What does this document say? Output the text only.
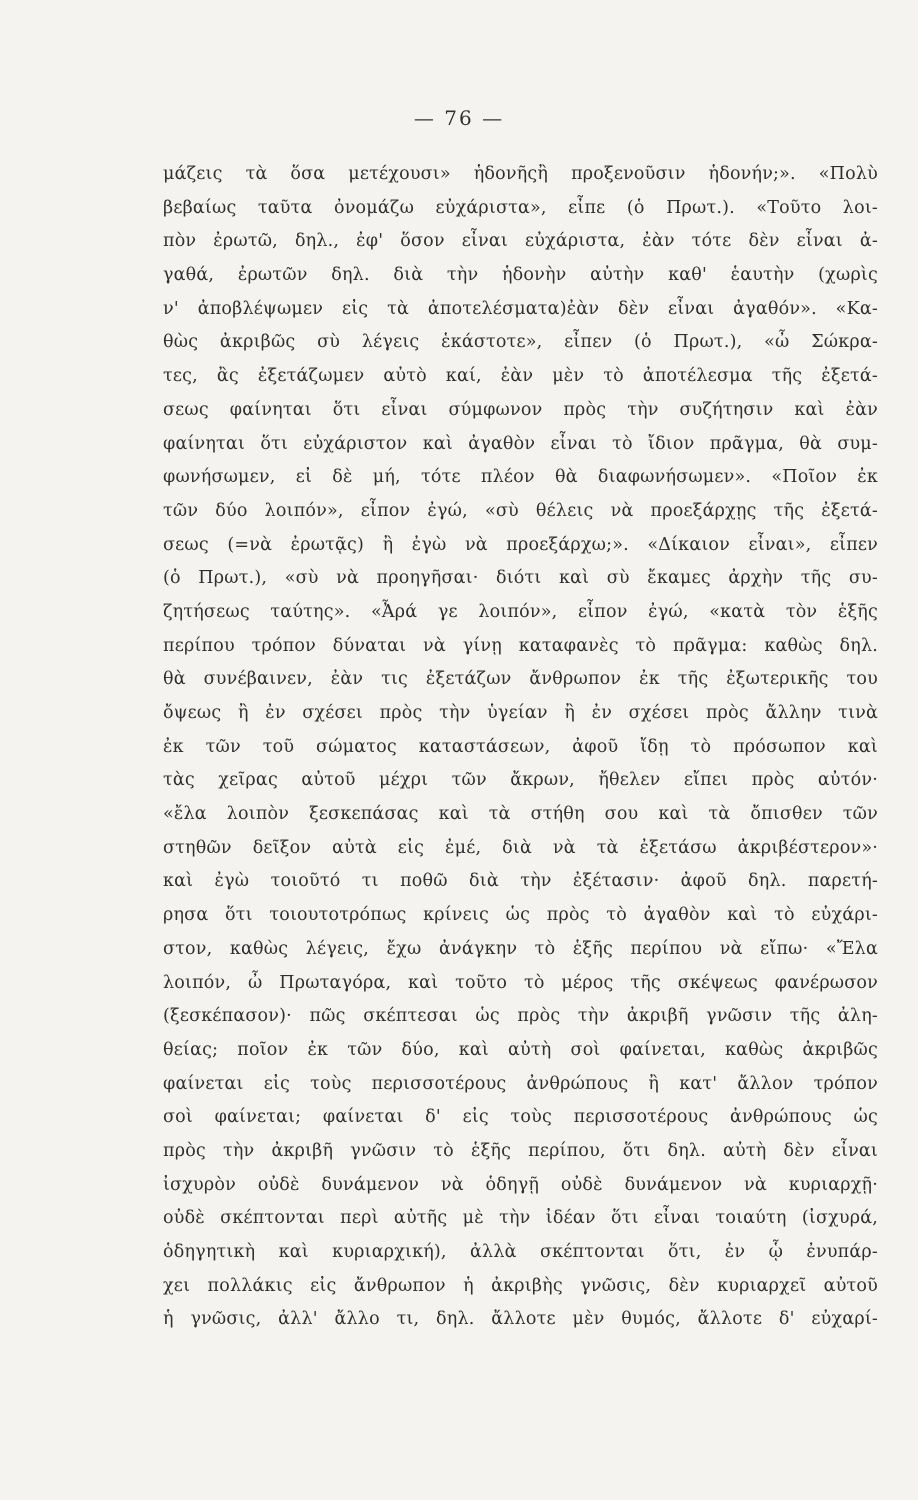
— 76 —
μάζεις τὰ ὅσα μετέχουσι» ἡδονῆςἢ προξενοῦσιν ἡδονήν;». «Πολὺ
βεβαίως ταῦτα ὀνομάζω εὐχάριστα», εἶπε (ὁ Πρωτ.). «Τοῦτο λοι-
πὸν ἐρωτῶ, δηλ., ἐφ' ὅσον εἶναι εὐχάριστα, ἐὰν τότε δὲν εἶναι ἀ-
γαθά, ἐρωτῶν δηλ. διὰ τὴν ἡδονὴν αὐτὴν καθ' ἑαυτὴν (χωρὶς
ν' ἀποβλέψωμεν εἰς τὰ ἀποτελέσματα)ἐὰν δὲν εἶναι ἀγαθόν». «Κα-
θὼς ἀκριβῶς σὺ λέγεις ἑκάστοτε», εἶπεν (ὁ Πρωτ.), «ὦ Σώκρα-
τες, ἂς ἐξετάζωμεν αὐτὸ καί, ἐὰν μὲν τὸ ἀποτέλεσμα τῆς ἐξετά-
σεως φαίνηται ὅτι εἶναι σύμφωνον πρὸς τὴν συζήτησιν καὶ ἐὰν
φαίνηται ὅτι εὐχάριστον καὶ ἀγαθὸν εἶναι τὸ ἴδιον πρᾶγμα, θὰ συμ-
φωνήσωμεν, εἰ δὲ μή, τότε πλέον θὰ διαφωνήσωμεν». «Ποῖον ἐκ
τῶν δύο λοιπόν», εἶπον ἐγώ, «σὺ θέλεις νὰ προεξάρχῃς τῆς ἐξετά-
σεως (=νὰ ἐρωτᾷς) ἢ ἐγὼ νὰ προεξάρχω;». «Δίκαιον εἶναι», εἶπεν
(ὁ Πρωτ.), «σὺ νὰ προηγῆσαι· διότι καὶ σὺ ἔκαμες ἀρχὴν τῆς συ-
ζητήσεως ταύτης». «Ἆρά γε λοιπόν», εἶπον ἐγώ, «κατὰ τὸν ἑξῆς
περίπου τρόπον δύναται νὰ γίνῃ καταφανὲς τὸ πρᾶγμα: καθὼς δηλ.
θὰ συνέβαινεν, ἐὰν τις ἐξετάζων ἄνθρωπον ἐκ τῆς ἐξωτερικῆς του
ὄψεως ἢ ἐν σχέσει πρὸς τὴν ὑγείαν ἢ ἐν σχέσει πρὸς ἄλλην τινὰ
ἐκ τῶν τοῦ σώματος καταστάσεων, ἀφοῦ ἴδῃ τὸ πρόσωπον καὶ
τὰς χεῖρας αὐτοῦ μέχρι τῶν ἄκρων, ἤθελεν εἴπει πρὸς αὐτόν·
«ἔλα λοιπὸν ξεσκεπάσας καὶ τὰ στήθη σου καὶ τὰ ὄπισθεν τῶν
στηθῶν δεῖξον αὐτὰ εἰς ἐμέ, διὰ νὰ τὰ ἐξετάσω ἀκριβέστερον»·
καὶ ἐγὼ τοιοῦτό τι ποθῶ διὰ τὴν ἐξέτασιν· ἀφοῦ δηλ. παρετή-
ρησα ὅτι τοιουτοτρόπως κρίνεις ὡς πρὸς τὸ ἀγαθὸν καὶ τὸ εὐχάρι-
στον, καθὼς λέγεις, ἔχω ἀνάγκην τὸ ἑξῆς περίπου νὰ εἴπω· «Ἔλα
λοιπόν, ὦ Πρωταγόρα, καὶ τοῦτο τὸ μέρος τῆς σκέψεως φανέρωσον
(ξεσκέπασον)· πῶς σκέπτεσαι ὡς πρὸς τὴν ἀκριβῆ γνῶσιν τῆς ἀλη-
θείας; ποῖον ἐκ τῶν δύο, καὶ αὐτὴ σοὶ φαίνεται, καθὼς ἀκριβῶς
φαίνεται εἰς τοὺς περισσοτέρους ἀνθρώπους ἢ κατ' ἄλλον τρόπον
σοὶ φαίνεται; φαίνεται δ' εἰς τοὺς περισσοτέρους ἀνθρώπους ὡς
πρὸς τὴν ἀκριβῆ γνῶσιν τὸ ἑξῆς περίπου, ὅτι δηλ. αὐτὴ δὲν εἶναι
ἰσχυρὸν οὐδὲ δυνάμενον νὰ ὁδηγῇ οὐδὲ δυνάμενον νὰ κυριαρχῇ·
οὐδὲ σκέπτονται περὶ αὐτῆς μὲ τὴν ἰδέαν ὅτι εἶναι τοιαύτη (ἰσχυρά,
ὁδηγητικὴ καὶ κυριαρχική), ἀλλὰ σκέπτονται ὅτι, ἐν ᾧ ἐνυπάρ-
χει πολλάκις εἰς ἄνθρωπον ἡ ἀκριβὴς γνῶσις, δὲν κυριαρχεῖ αὐτοῦ
ἡ γνῶσις, ἀλλ' ἄλλο τι, δηλ. ἄλλοτε μὲν θυμός, ἄλλοτε δ' εὐχαρί-
